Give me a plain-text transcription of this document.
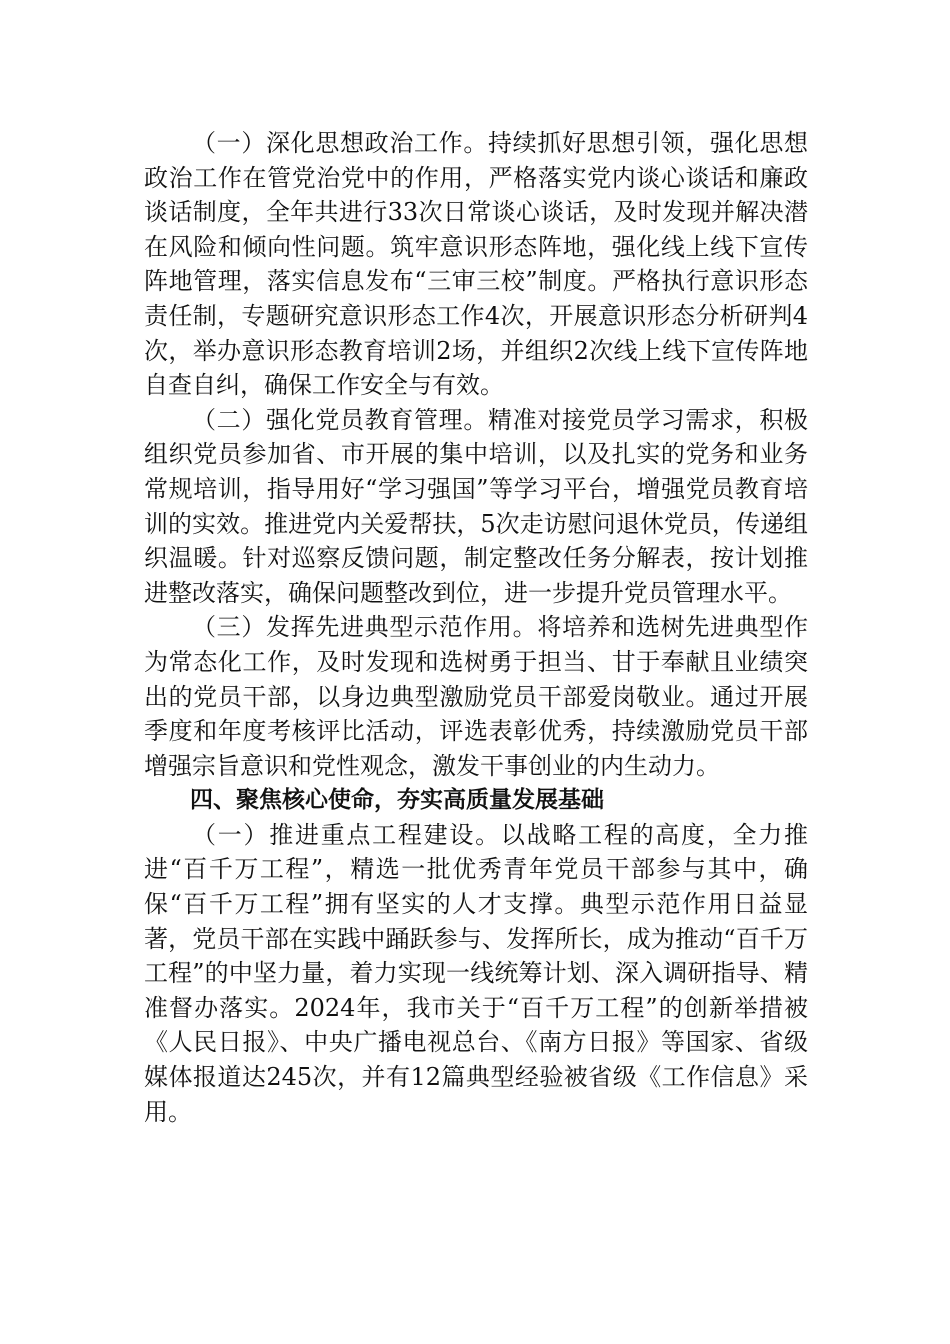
（一）深化思想政治工作。持续抓好思想引领，强化思想政治工作在管党治党中的作用，严格落实党内谈心谈话和廉政谈话制度，全年共进行33次日常谈心谈话，及时发现并解决潜在风险和倾向性问题。筑牢意识形态阵地，强化线上线下宣传阵地管理，落实信息发布“三审三校”制度。严格执行意识形态责任制，专题研究意识形态工作4次，开展意识形态分析研判4次，举办意识形态教育培训2场，并组织2次线上线下宣传阵地自查自纠，确保工作安全与有效。

（二）强化党员教育管理。精准对接党员学习需求，积极组织党员参加省、市开展的集中培训，以及扎实的党务和业务常规培训，指导用好“学习强国”等学习平台，增强党员教育培训的实效。推进党内关爱帮扶，5次走访慰问退休党员，传递组织温暖。针对巡察反馈问题，制定整改任务分解表，按计划推进整改落实，确保问题整改到位，进一步提升党员管理水平。

（三）发挥先进典型示范作用。将培养和选树先进典型作为常态化工作，及时发现和选树勇于担当、甘于奉献且业绩突出的党员干部，以身边典型激励党员干部爱岗敬业。通过开展季度和年度考核评比活动，评选表彰优秀，持续激励党员干部增强宗旨意识和党性观念，激发干事创业的内生动力。

四、聚焦核心使命，夯实高质量发展基础

（一）推进重点工程建设。以战略工程的高度，全力推进“百千万工程”，精选一批优秀青年党员干部参与其中，确保“百千万工程”拥有坚实的人才支撑。典型示范作用日益显著，党员干部在实践中踊跃参与、发挥所长，成为推动“百千万工程”的中坚力量，着力实现一线统筹计划、深入调研指导、精准督办落实。2024年，我市关于“百千万工程”的创新举措被《人民日报》、中央广播电视总台、《南方日报》等国家、省级媒体报道达245次，并有12篇典型经验被省级《工作信息》采用。
